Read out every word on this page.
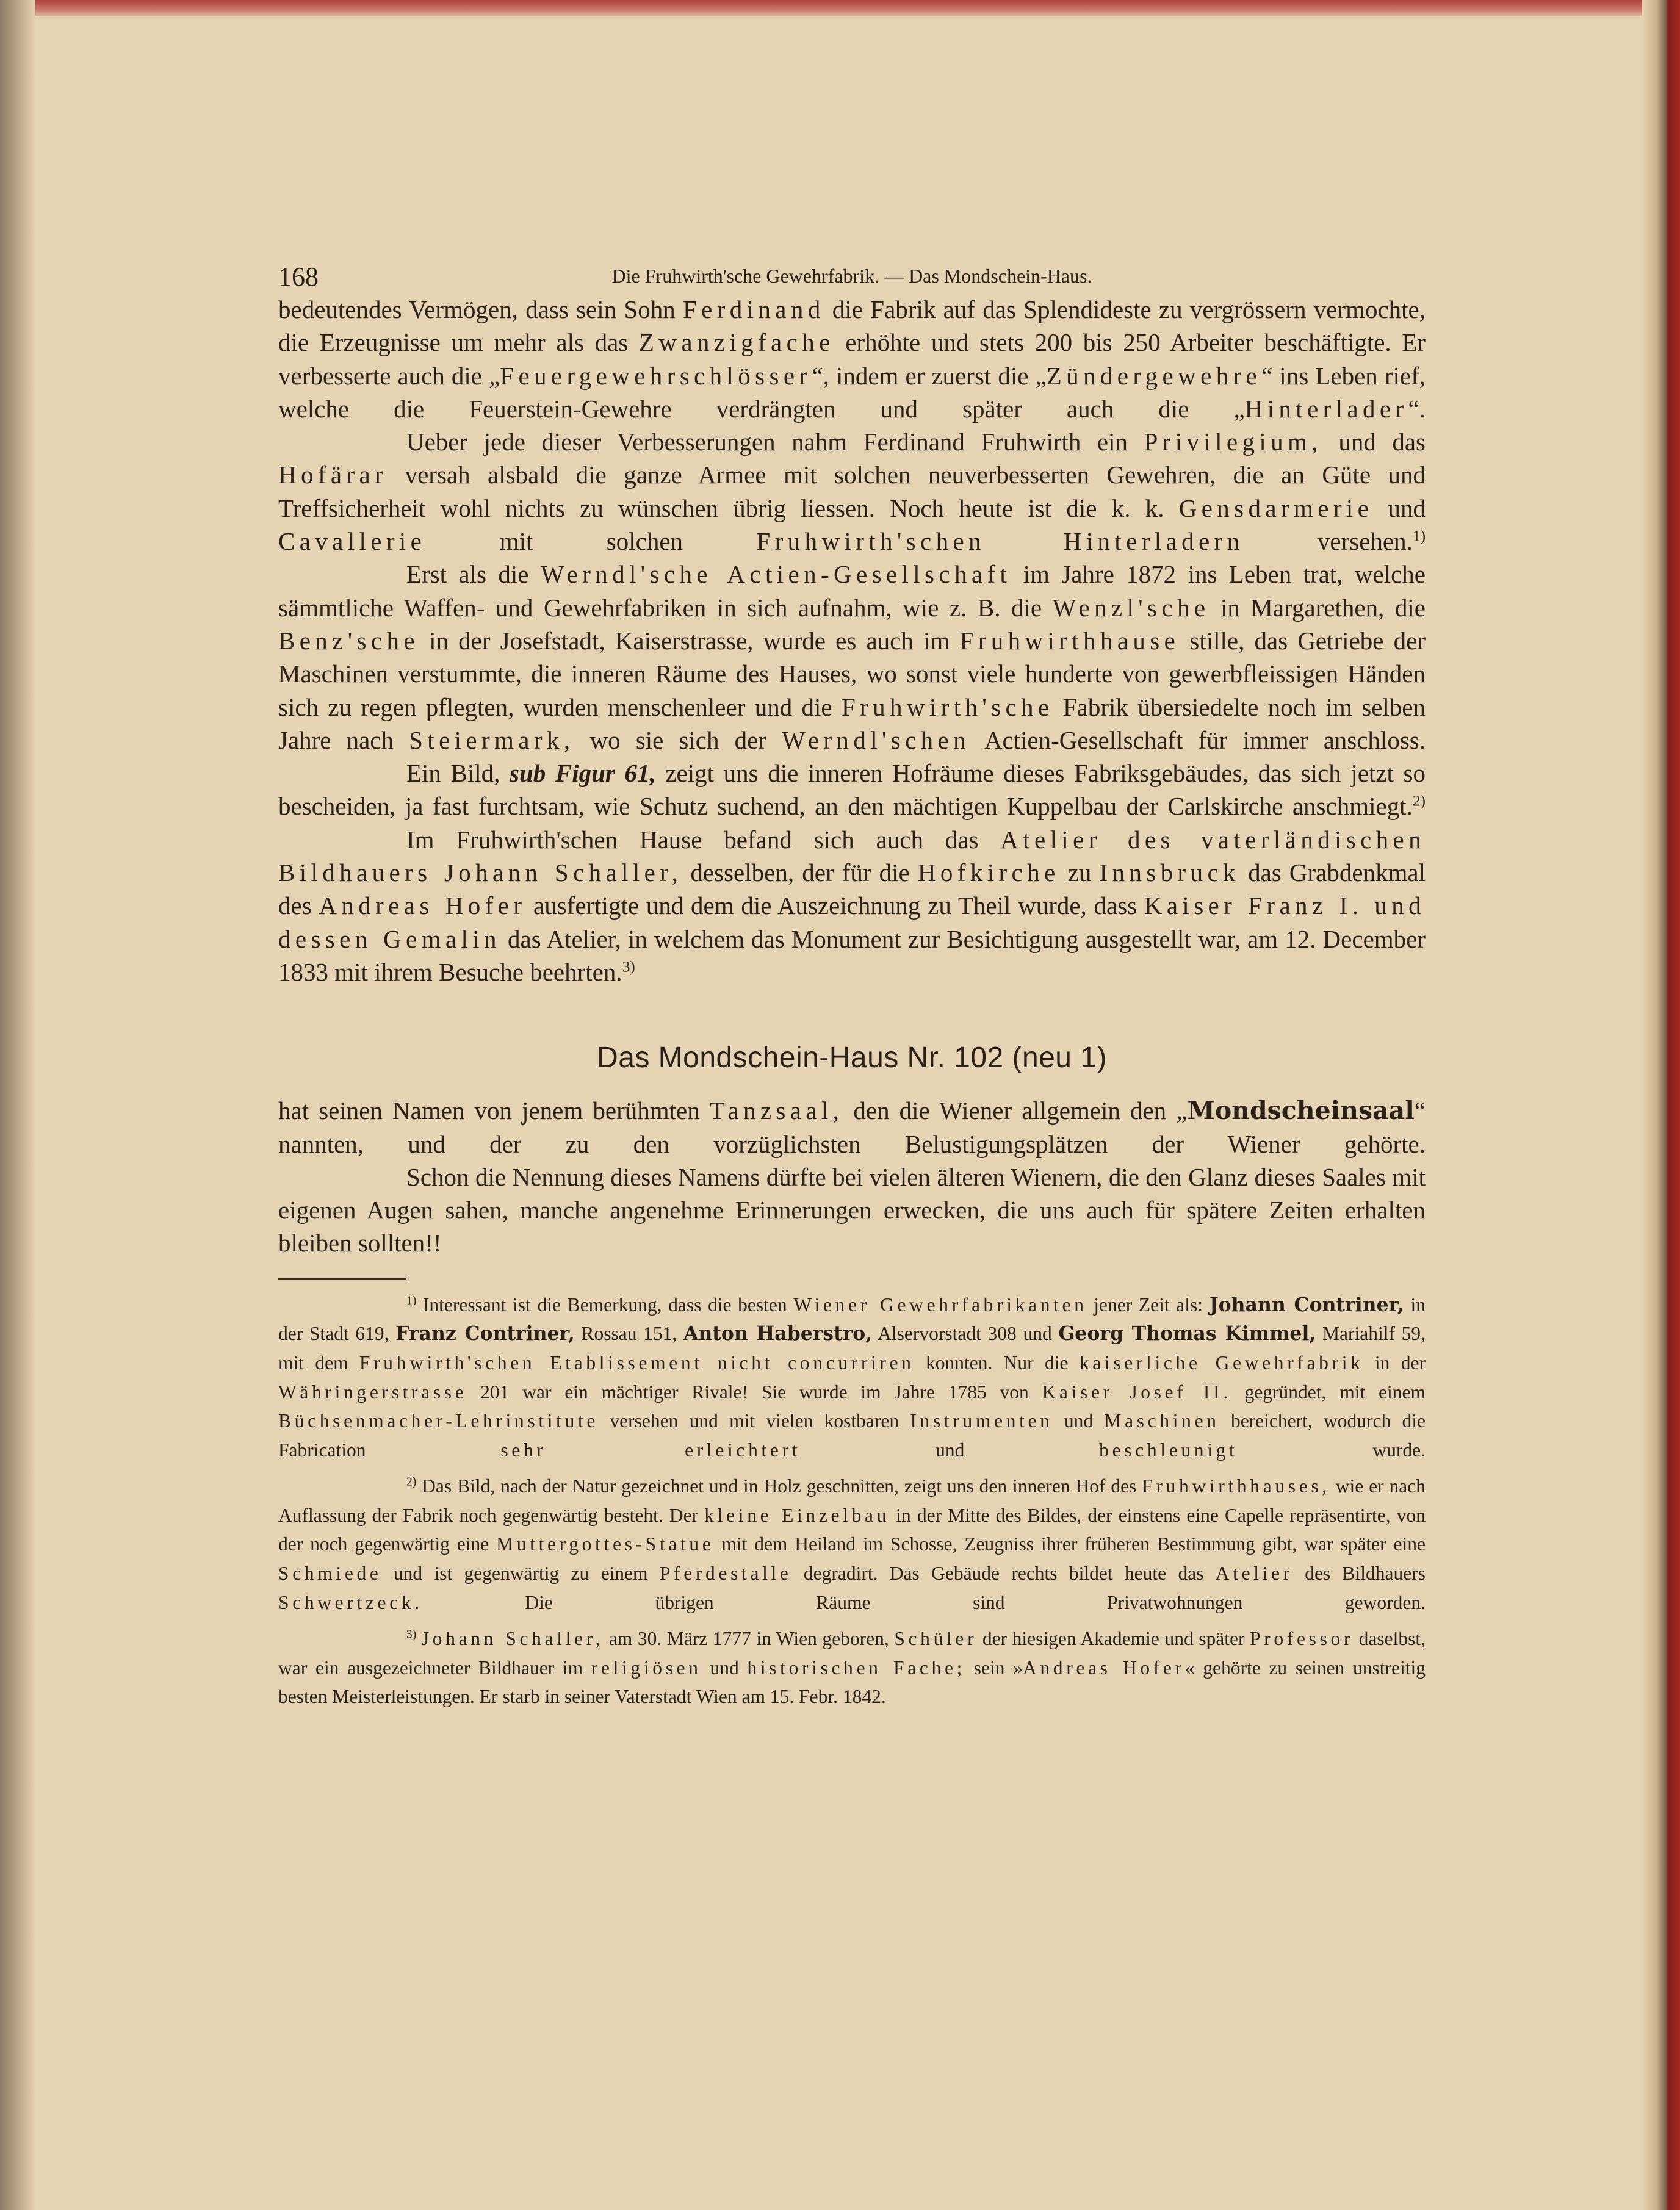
168	Die Fruhwirth'sche Gewehrfabrik. — Das Mondschein-Haus.

bedeutendes Vermögen, dass sein Sohn Ferdinand die Fabrik auf das Splendideste zu vergrössern vermochte, die Erzeugnisse um mehr als das Zwanzigfache erhöhte und stets 200 bis 250 Arbeiter beschäftigte. Er verbesserte auch die „Feuergewehrschlösser“, indem er zuerst die „Zündergewehre“ ins Leben rief, welche die Feuerstein-Gewehre verdrängten und später auch die „Hinterlader“.

Ueber jede dieser Verbesserungen nahm Ferdinand Fruhwirth ein Privilegium, und das Hofärar versah alsbald die ganze Armee mit solchen neuverbesserten Gewehren, die an Güte und Treffsicherheit wohl nichts zu wünschen übrig liessen. Noch heute ist die k. k. Gensdarmerie und Cavallerie mit solchen Fruhwirth'schen Hinterladern versehen.$^{1)}$

Erst als die Werndl'sche Actien-Gesellschaft im Jahre 1872 ins Leben trat, welche sämmtliche Waffen- und Gewehrfabriken in sich aufnahm, wie z. B. die Wenzl'sche in Margarethen, die Benz'sche in der Josefstadt, Kaiserstrasse, wurde es auch im Fruhwirthhause stille, das Getriebe der Maschinen verstummte, die inneren Räume des Hauses, wo sonst viele hunderte von gewerbfleissigen Händen sich zu regen pflegten, wurden menschenleer und die Fruhwirth'sche Fabrik übersiedelte noch im selben Jahre nach Steiermark, wo sie sich der Werndl'schen Actien-Gesellschaft für immer anschloss.

Ein Bild, sub Figur 61, zeigt uns die inneren Hofräume dieses Fabriksgebäudes, das sich jetzt so bescheiden, ja fast furchtsam, wie Schutz suchend, an den mächtigen Kuppelbau der Carlskirche anschmiegt.$^{2)}$

Im Fruhwirth'schen Hause befand sich auch das Atelier des vaterländischen Bildhauers Johann Schaller, desselben, der für die Hofkirche zu Innsbruck das Grabdenkmal des Andreas Hofer ausfertigte und dem die Auszeichnung zu Theil wurde, dass Kaiser Franz I. und dessen Gemalin das Atelier, in welchem das Monument zur Besichtigung ausgestellt war, am 12. December 1833 mit ihrem Besuche beehrten.$^{3)}$

Das Mondschein-Haus Nr. 102 (neu 1)

hat seinen Namen von jenem berühmten Tanzsaal, den die Wiener allgemein den „Mondscheinsaal“ nannten, und der zu den vorzüglichsten Belustigungsplätzen der Wiener gehörte.

Schon die Nennung dieses Namens dürfte bei vielen älteren Wienern, die den Glanz dieses Saales mit eigenen Augen sahen, manche angenehme Erinnerungen erwecken, die uns auch für spätere Zeiten erhalten bleiben sollten!!

$^{1)}$ Interessant ist die Bemerkung, dass die besten Wiener Gewehrfabrikanten jener Zeit als: Johann Contriner, in der Stadt 619, Franz Contriner, Rossau 151, Anton Haberstro, Alservorstadt 308 und Georg Thomas Kimmel, Mariahilf 59, mit dem Fruhwirth'schen Etablissement nicht concurriren konnten. Nur die kaiserliche Gewehrfabrik in der Währingerstrasse 201 war ein mächtiger Rivale! Sie wurde im Jahre 1785 von Kaiser Josef II. gegründet, mit einem Büchsenmacher-Lehrinstitute versehen und mit vielen kostbaren Instrumenten und Maschinen bereichert, wodurch die Fabrication sehr erleichtert und beschleunigt wurde.

$^{2)}$ Das Bild, nach der Natur gezeichnet und in Holz geschnitten, zeigt uns den inneren Hof des Fruhwirthhauses, wie er nach Auflassung der Fabrik noch gegenwärtig besteht. Der kleine Einzelbau in der Mitte des Bildes, der einstens eine Capelle repräsentirte, von der noch gegenwärtig eine Muttergottes-Statue mit dem Heiland im Schosse, Zeugniss ihrer früheren Bestimmung gibt, war später eine Schmiede und ist gegenwärtig zu einem Pferdestalle degradirt. Das Gebäude rechts bildet heute das Atelier des Bildhauers Schwertzeck. Die übrigen Räume sind Privatwohnungen geworden.

$^{3)}$ Johann Schaller, am 30. März 1777 in Wien geboren, Schüler der hiesigen Akademie und später Professor daselbst, war ein ausgezeichneter Bildhauer im religiösen und historischen Fache; sein »Andreas Hofer« gehörte zu seinen unstreitig besten Meisterleistungen. Er starb in seiner Vaterstadt Wien am 15. Febr. 1842.
